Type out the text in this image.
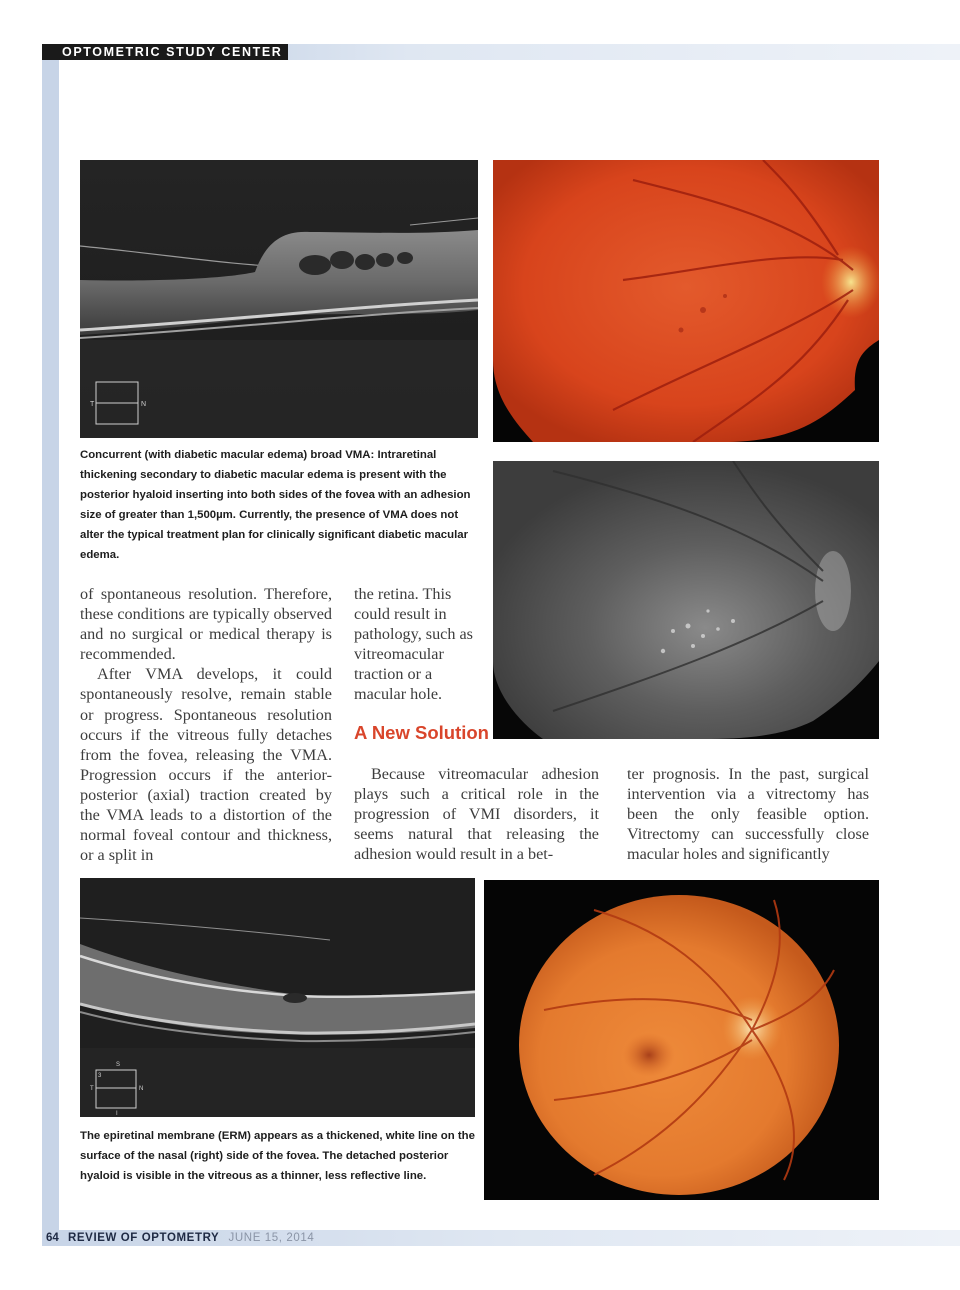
OPTOMETRIC STUDY CENTER
T	N

Concurrent (with diabetic macular edema) broad VMA: Intraretinal thickening secondary to diabetic macular edema is present with the posterior hyaloid inserting into both sides of the fovea with an adhesion size of greater than 1,500µm. Currently, the presence of VMA does not alter the typical treatment plan for clinically significant diabetic macular edema.

of spontaneous resolution. Therefore, these conditions are typically observed and no surgical or medical therapy is recommended.

After VMA develops, it could spontaneously resolve, remain stable or progress. Spontaneous resolution occurs if the vitreous fully detaches from the fovea, releasing the VMA. Progression occurs if the anterior-posterior (axial) traction created by the VMA leads to a distortion of the normal foveal contour and thickness, or a split in

the retina. This could result in pathology, such as vitreomacular traction or a macular hole.

A New Solution

Because vitreomacular adhesion plays such a critical role in the progression of VMI disorders, it seems natural that releasing the adhesion would result in a bet-

ter prognosis. In the past, surgical intervention via a vitrectomy has been the only feasible option. Vitrectomy can successfully close macular holes and significantly

S
3
T	N
I

The epiretinal membrane (ERM) appears as a thickened, white line on the surface of the nasal (right) side of the fovea. The detached posterior hyaloid is visible in the vitreous as a thinner, less reflective line.

64 REVIEW OF OPTOMETRY JUNE 15, 2014
